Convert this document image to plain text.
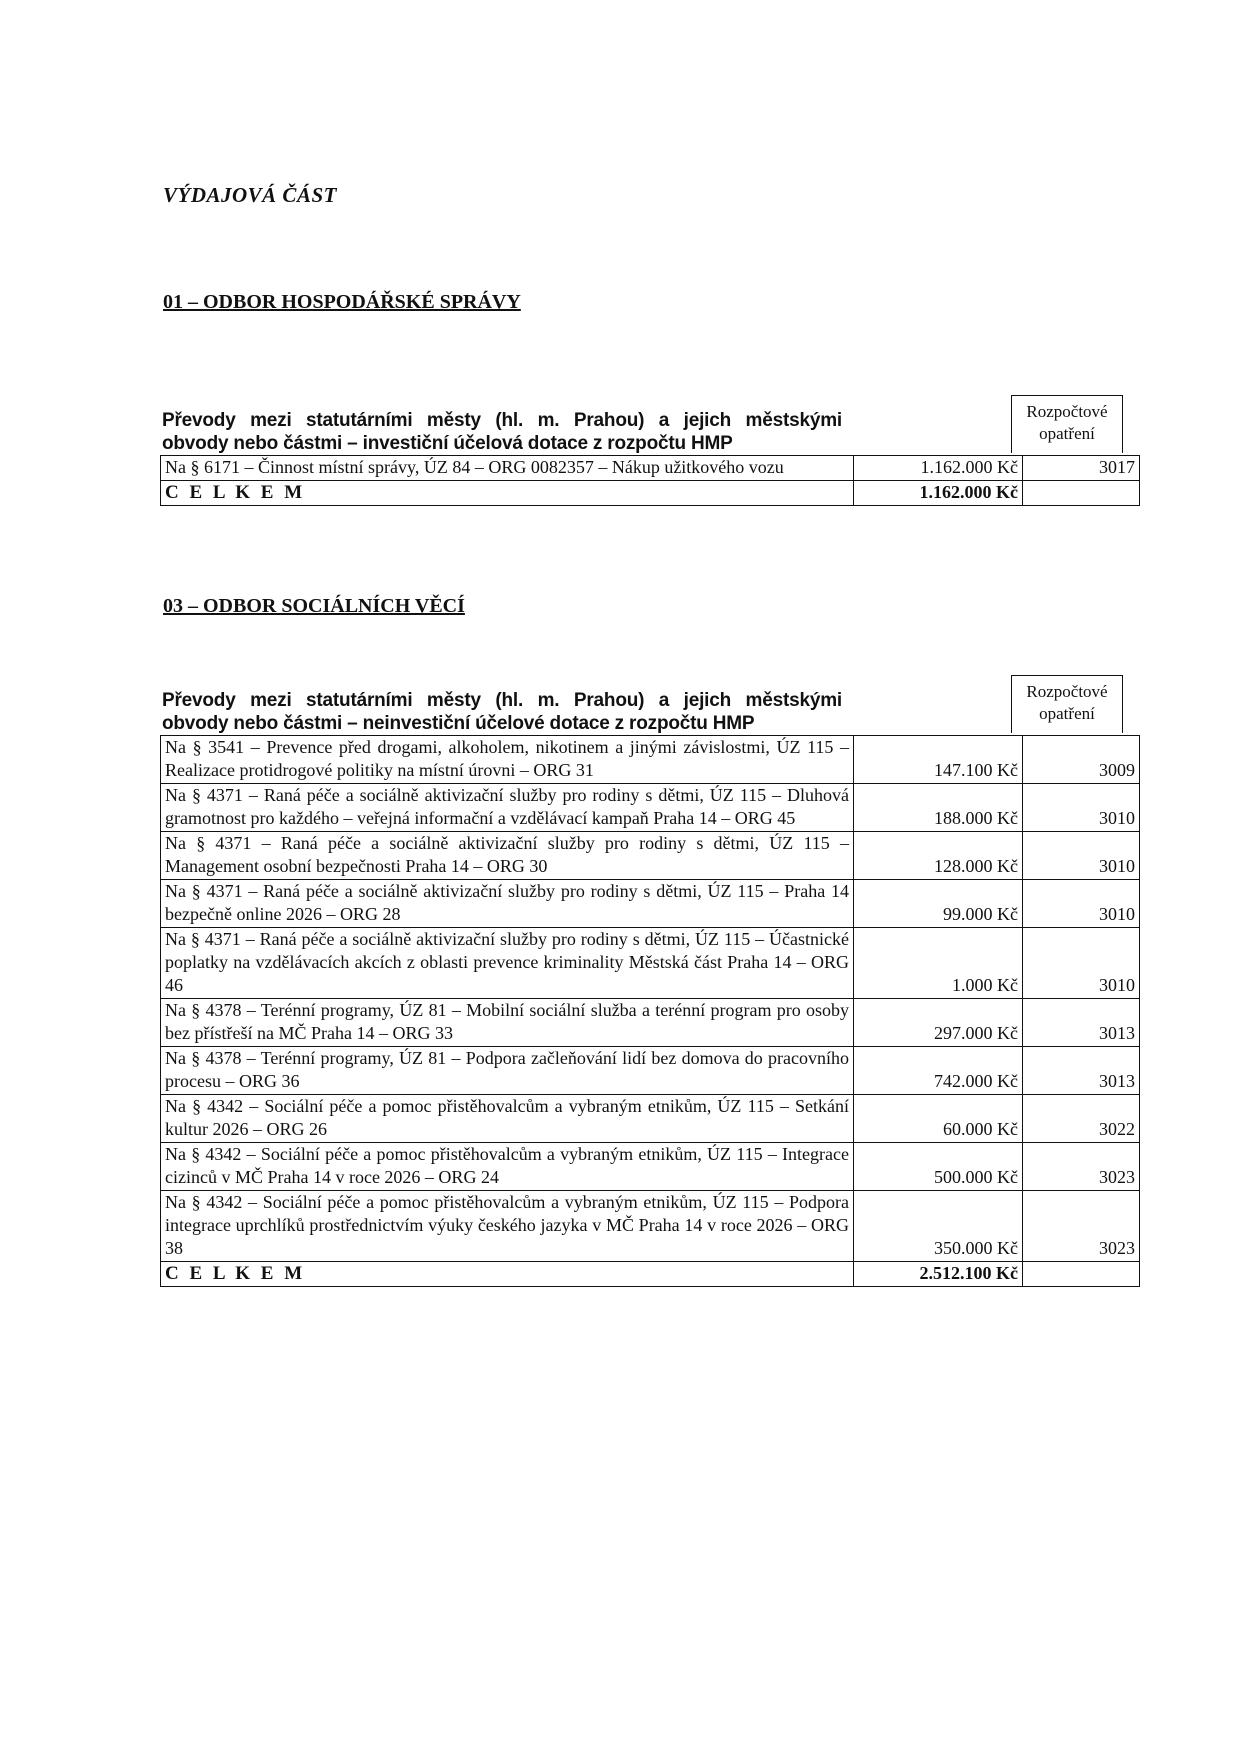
VÝDAJOVÁ ČÁST
01 – ODBOR HOSPODÁŘSKÉ SPRÁVY
Převody mezi statutárními městy (hl. m. Prahou) a jejich městskými
obvody nebo částmi – investiční účelová dotace z rozpočtu HMP
Rozpočtové opatření
Na § 6171 – Činnost místní správy, ÚZ 84 – ORG 0082357 – Nákup užitkového vozu	1.162.000 Kč	3017
C E L K E M	1.162.000 Kč	
03 – ODBOR SOCIÁLNÍCH VĚCÍ
Převody mezi statutárními městy (hl. m. Prahou) a jejich městskými
obvody nebo částmi – neinvestiční účelové dotace z rozpočtu HMP
Rozpočtové opatření
Na § 3541 – Prevence před drogami, alkoholem, nikotinem a jinými závislostmi, ÚZ 115 – Realizace protidrogové politiky na místní úrovni – ORG 31	147.100 Kč	3009
Na § 4371 – Raná péče a sociálně aktivizační služby pro rodiny s dětmi, ÚZ 115 – Dluhová gramotnost pro každého – veřejná informační a vzdělávací kampaň Praha 14 – ORG 45	188.000 Kč	3010
Na § 4371 – Raná péče a sociálně aktivizační služby pro rodiny s dětmi, ÚZ 115 – Management osobní bezpečnosti Praha 14 – ORG 30	128.000 Kč	3010
Na § 4371 – Raná péče a sociálně aktivizační služby pro rodiny s dětmi, ÚZ 115 – Praha 14 bezpečně online 2026 – ORG 28	99.000 Kč	3010
Na § 4371 – Raná péče a sociálně aktivizační služby pro rodiny s dětmi, ÚZ 115 – Účastnické poplatky na vzdělávacích akcích z oblasti prevence kriminality Městská část Praha 14 – ORG 46	1.000 Kč	3010
Na § 4378 – Terénní programy, ÚZ 81 – Mobilní sociální služba a terénní program pro osoby bez přístřeší na MČ Praha 14 – ORG 33	297.000 Kč	3013
Na § 4378 – Terénní programy, ÚZ 81 – Podpora začleňování lidí bez domova do pracovního procesu – ORG 36	742.000 Kč	3013
Na § 4342 – Sociální péče a pomoc přistěhovalcům a vybraným etnikům, ÚZ 115 – Setkání kultur 2026 – ORG 26	60.000 Kč	3022
Na § 4342 – Sociální péče a pomoc přistěhovalcům a vybraným etnikům, ÚZ 115 – Integrace cizinců v MČ Praha 14 v roce 2026 – ORG 24	500.000 Kč	3023
Na § 4342 – Sociální péče a pomoc přistěhovalcům a vybraným etnikům, ÚZ 115 – Podpora integrace uprchlíků prostřednictvím výuky českého jazyka v MČ Praha 14 v roce 2026 – ORG 38	350.000 Kč	3023
C E L K E M	2.512.100 Kč	
